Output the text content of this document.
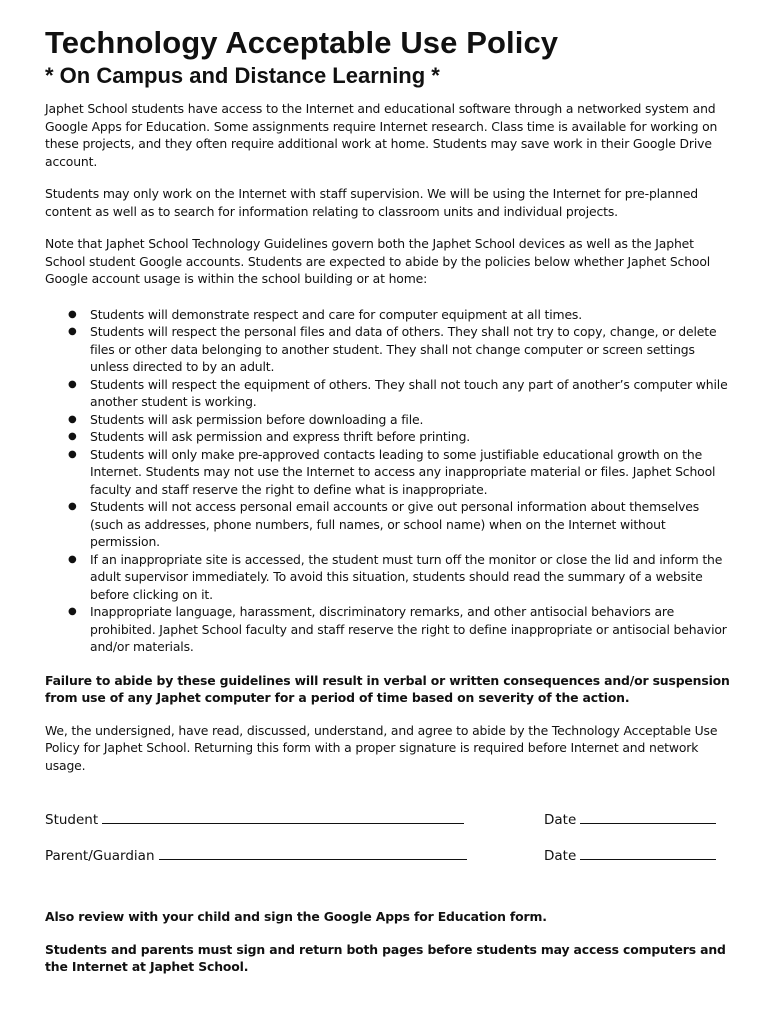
Technology Acceptable Use Policy
* On Campus and Distance Learning *

Japhet School students have access to the Internet and educational software through a networked system and Google Apps for Education. Some assignments require Internet research. Class time is available for working on these projects, and they often require additional work at home. Students may save work in their Google Drive account.

Students may only work on the Internet with staff supervision. We will be using the Internet for pre-planned content as well as to search for information relating to classroom units and individual projects.

Note that Japhet School Technology Guidelines govern both the Japhet School devices as well as the Japhet School student Google accounts. Students are expected to abide by the policies below whether Japhet School Google account usage is within the school building or at home:

● Students will demonstrate respect and care for computer equipment at all times.
● Students will respect the personal files and data of others. They shall not try to copy, change, or delete files or other data belonging to another student. They shall not change computer or screen settings unless directed to by an adult.
● Students will respect the equipment of others. They shall not touch any part of another’s computer while another student is working.
● Students will ask permission before downloading a file.
● Students will ask permission and express thrift before printing.
● Students will only make pre-approved contacts leading to some justifiable educational growth on the Internet. Students may not use the Internet to access any inappropriate material or files. Japhet School faculty and staff reserve the right to define what is inappropriate.
● Students will not access personal email accounts or give out personal information about themselves (such as addresses, phone numbers, full names, or school name) when on the Internet without permission.
● If an inappropriate site is accessed, the student must turn off the monitor or close the lid and inform the adult supervisor immediately. To avoid this situation, students should read the summary of a website before clicking on it.
● Inappropriate language, harassment, discriminatory remarks, and other antisocial behaviors are prohibited. Japhet School faculty and staff reserve the right to define inappropriate or antisocial behavior and/or materials.

Failure to abide by these guidelines will result in verbal or written consequences and/or suspension from use of any Japhet computer for a period of time based on severity of the action.

We, the undersigned, have read, discussed, understand, and agree to abide by the Technology Acceptable Use Policy for Japhet School. Returning this form with a proper signature is required before Internet and network usage.

Student	Date
Parent/Guardian	Date

Also review with your child and sign the Google Apps for Education form.

Students and parents must sign and return both pages before students may access computers and the Internet at Japhet School.
